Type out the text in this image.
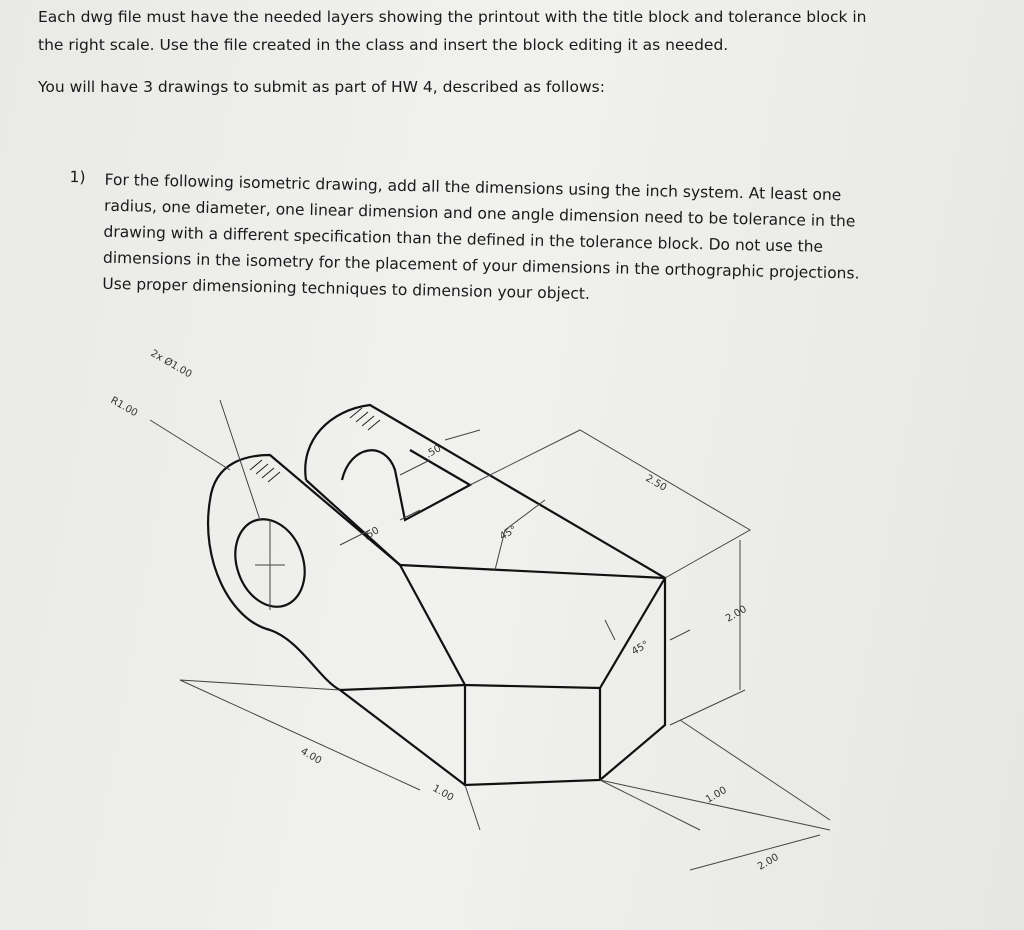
Each dwg file must have the needed layers showing the printout with the title block and tolerance block in
the right scale. Use the file created in the class and insert the block editing it as needed.
You will have 3 drawings to submit as part of HW 4, described as follows:
1) For the following isometric drawing, add all the dimensions using the inch system. At least one
radius, one diameter, one linear dimension and one angle dimension need to be tolerance in the
drawing with a different specification than the defined in the tolerance block. Do not use the
dimensions in the isometry for the placement of your dimensions in the orthographic projections.
Use proper dimensioning techniques to dimension your object.
2x Ø1.00
R1.00
.50
.50	45°
2.50
2.00
45°
4.00
1.00	1.00
2.00
